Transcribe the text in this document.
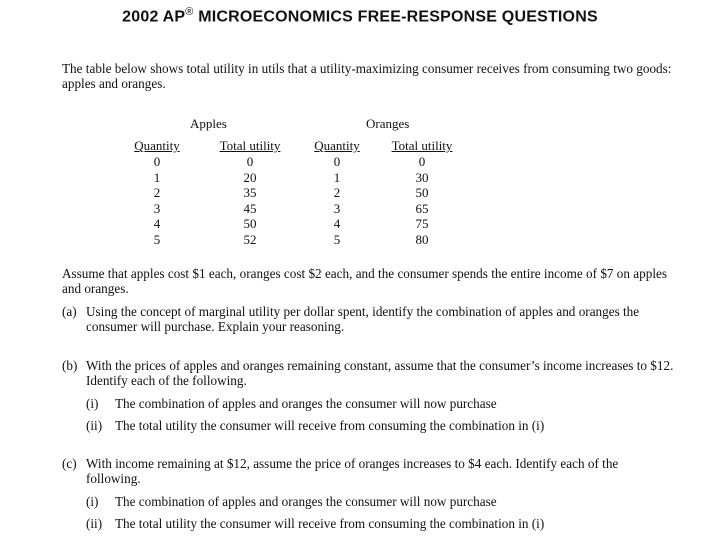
2002 AP® MICROECONOMICS FREE-RESPONSE QUESTIONS
The table below shows total utility in utils that a utility-maximizing consumer receives from consuming two goods: apples and oranges.
Apples	Oranges
Quantity
0
1
2
3
4
5
Total utility
0
20
35
45
50
52
Quantity
0
1
2
3
4
5
Total utility
0
30
50
65
75
80
Assume that apples cost $1 each, oranges cost $2 each, and the consumer spends the entire income of $7 on apples and oranges.
(a) Using the concept of marginal utility per dollar spent, identify the combination of apples and oranges the consumer will purchase. Explain your reasoning.
(b) With the prices of apples and oranges remaining constant, assume that the consumer’s income increases to $12. Identify each of the following.
(i) The combination of apples and oranges the consumer will now purchase
(ii) The total utility the consumer will receive from consuming the combination in (i)
(c) With income remaining at $12, assume the price of oranges increases to $4 each. Identify each of the following.
(i) The combination of apples and oranges the consumer will now purchase
(ii) The total utility the consumer will receive from consuming the combination in (i)
